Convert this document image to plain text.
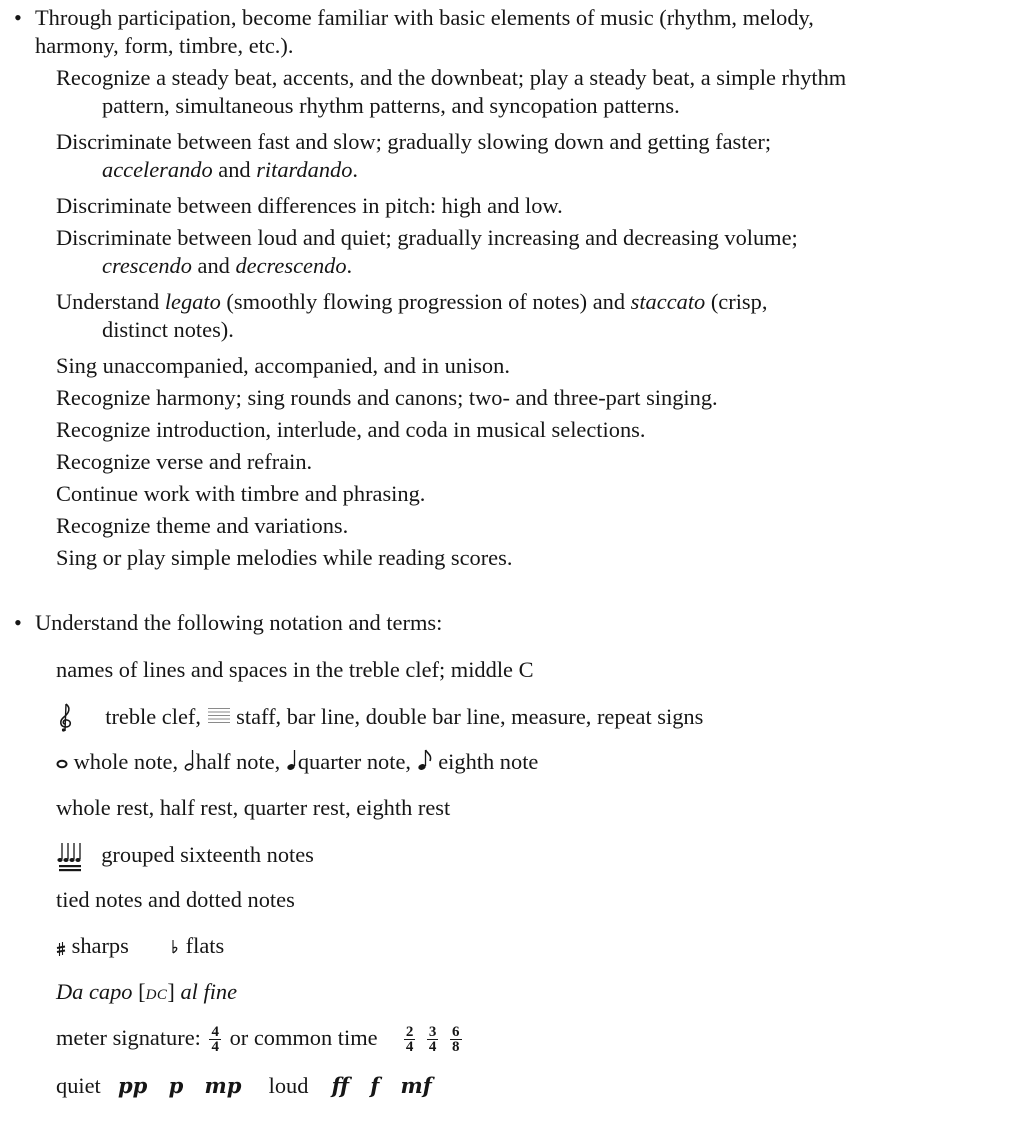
• Through participation, become familiar with basic elements of music (rhythm, melody,
harmony, form, timbre, etc.).
Recognize a steady beat, accents, and the downbeat; play a steady beat, a simple rhythm
pattern, simultaneous rhythm patterns, and syncopation patterns.
Discriminate between fast and slow; gradually slowing down and getting faster;
accelerando and ritardando.
Discriminate between differences in pitch: high and low.
Discriminate between loud and quiet; gradually increasing and decreasing volume;
crescendo and decrescendo.
Understand legato (smoothly flowing progression of notes) and staccato (crisp,
distinct notes).
Sing unaccompanied, accompanied, and in unison.
Recognize harmony; sing rounds and canons; two- and three-part singing.
Recognize introduction, interlude, and coda in musical selections.
Recognize verse and refrain.
Continue work with timbre and phrasing.
Recognize theme and variations.
Sing or play simple melodies while reading scores.
• Understand the following notation and terms:
names of lines and spaces in the treble clef; middle C
treble clef, staff, bar line, double bar line, measure, repeat signs
whole note, half note, quarter note, eighth note
whole rest, half rest, quarter rest, eighth rest
grouped sixteenth notes
tied notes and dotted notes
sharps	flats
Da capo [DC] al fine
meter signature: $\frac{4}{4}$ or common time $\frac{2}{4}$
$\frac{3}{4}$
$\frac{6}{8}$
quiet pp p mp loud ff f mf
